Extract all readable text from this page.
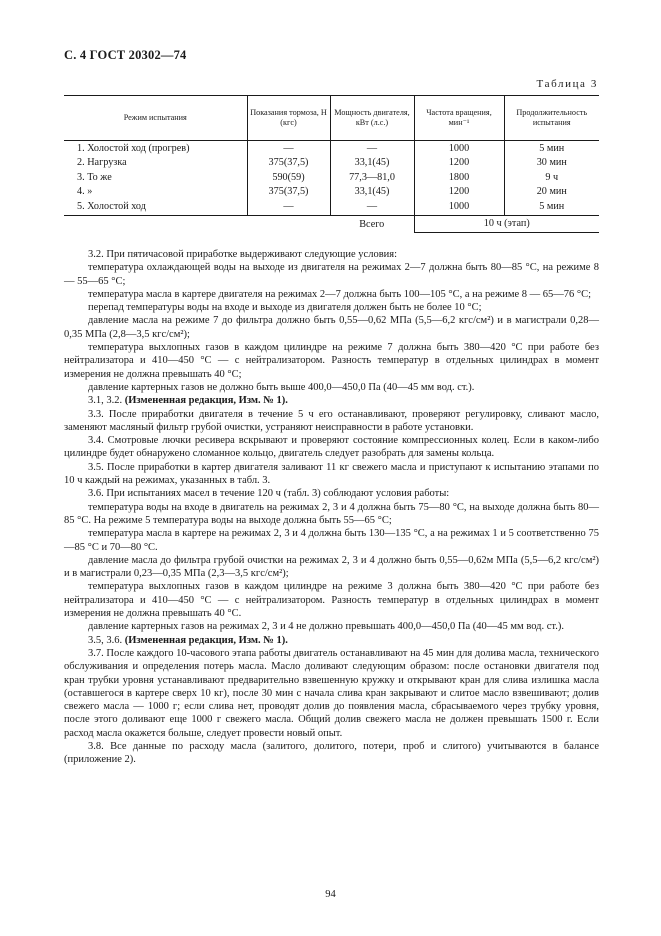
С. 4 ГОСТ 20302—74
Таблица 3
Режим испытания	Показания тормоза, Н (кгс)	Мощность двигателя, кВт (л.с.)	Частота вращения, мин⁻¹	Продолжительность испытания
1. Холостой ход (прогрев)	—	—	1000	5 мин
2. Нагрузка	375(37,5)	33,1(45)	1200	30 мин
3. То же	590(59)	77,3—81,0	1800	9 ч
4. »	375(37,5)	33,1(45)	1200	20 мин
5. Холостой ход	—	—	1000	5 мин
		Всего	10 ч (этап)	

3.2. При пятичасовой приработке выдерживают следующие условия:

температура охлаждающей воды на выходе из двигателя на режимах 2—7 должна быть 80—85 °С, на режиме 8 — 55—65 °С;

температура масла в картере двигателя на режимах 2—7 должна быть 100—105 °С, а на режиме 8 — 65—76 °С;

перепад температуры воды на входе и выходе из двигателя должен быть не более 10 °С;

давление масла на режиме 7 до фильтра должно быть 0,55—0,62 МПа (5,5—6,2 кгс/см²) и в магистрали 0,28—0,35 МПа (2,8—3,5 кгс/см²);

температура выхлопных газов в каждом цилиндре на режиме 7 должна быть 380—420 °С при работе без нейтрализатора и 410—450 °С — с нейтрализатором. Разность температур в отдельных цилиндрах в момент измерения не должна превышать 40 °С;

давление картерных газов не должно быть выше 400,0—450,0 Па (40—45 мм вод. ст.).

3.1, 3.2. (Измененная редакция, Изм. № 1).

3.3. После приработки двигателя в течение 5 ч его останавливают, проверяют регулировку, сливают масло, заменяют масляный фильтр грубой очистки, устраняют неисправности в работе установки.

3.4. Смотровые лючки ресивера вскрывают и проверяют состояние компрессионных колец. Если в каком-либо цилиндре будет обнаружено сломанное кольцо, двигатель следует разобрать для замены кольца.

3.5. После приработки в картер двигателя заливают 11 кг свежего масла и приступают к испытанию этапами по 10 ч каждый на режимах, указанных в табл. 3.

3.6. При испытаниях масел в течение 120 ч (табл. 3) соблюдают условия работы:

температура воды на входе в двигатель на режимах 2, 3 и 4 должна быть 75—80 °С, на выходе должна быть 80—85 °С. На режиме 5 температура воды на выходе должна быть 55—65 °С;

температура масла в картере на режимах 2, 3 и 4 должна быть 130—135 °С, а на режимах 1 и 5 соответственно 75—85 °С и 70—80 °С.

давление масла до фильтра грубой очистки на режимах 2, 3 и 4 должно быть 0,55—0,62м МПа (5,5—6,2 кгс/см²) и в магистрали 0,23—0,35 МПа (2,3—3,5 кгс/см²);

температура выхлопных газов в каждом цилиндре на режиме 3 должна быть 380—420 °С при работе без нейтрализатора и 410—450 °С — с нейтрализатором. Разность температур в отдельных цилиндрах в момент измерения не должна превышать 40 °С.

давление картерных газов на режимах 2, 3 и 4 не должно превышать 400,0—450,0 Па (40—45 мм вод. ст.).

3.5, 3.6. (Измененная редакция, Изм. № 1).

3.7. После каждого 10-часового этапа работы двигатель останавливают на 45 мин для долива масла, технического обслуживания и определения потерь масла. Масло доливают следующим образом: после остановки двигателя под кран трубки уровня устанавливают предварительно взвешенную кружку и открывают кран для слива излишка масла (оставшегося в картере сверх 10 кг), после 30 мин с начала слива кран закрывают и слитое масло взвешивают; долив свежего масла — 1000 г; если слива нет, проводят долив до появления масла, сбрасываемого через трубку уровня, после этого доливают еще 1000 г свежего масла. Общий долив свежего масла не должен превышать 1500 г. Если расход масла окажется больше, следует провести новый опыт.

3.8. Все данные по расходу масла (залитого, долитого, потери, проб и слитого) учитываются в балансе (приложение 2).

94
